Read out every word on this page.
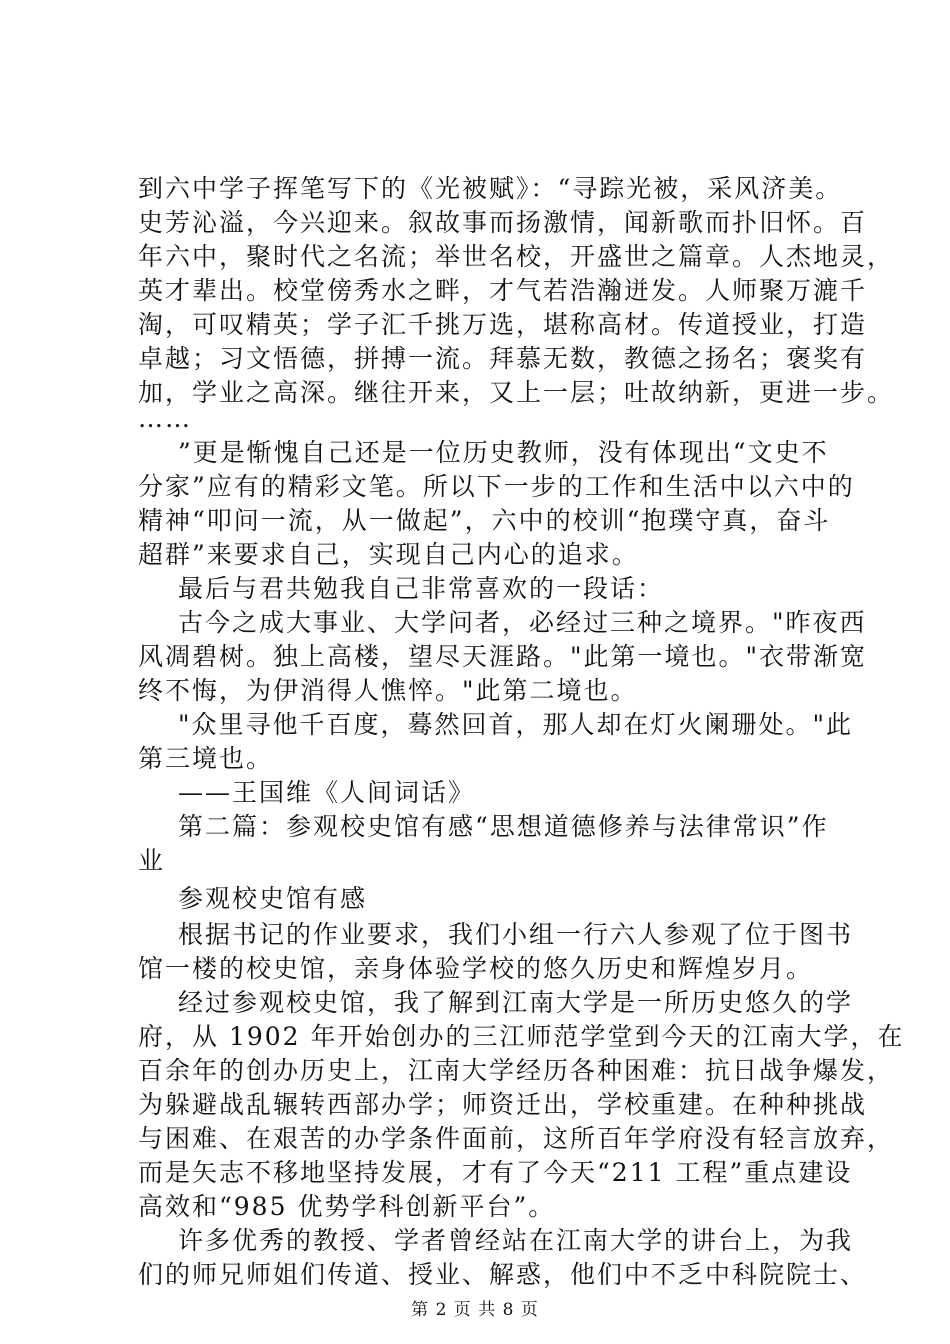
到六中学子挥笔写下的《光被赋》：“寻踪光被，采风济美。
史芳沁溢，今兴迎来。叙故事而扬激情，闻新歌而扑旧怀。百
年六中，聚时代之名流；举世名校，开盛世之篇章。人杰地灵，
英才辈出。校堂傍秀水之畔，才气若浩瀚迸发。人师聚万漉千
淘，可叹精英；学子汇千挑万选，堪称高材。传道授业，打造
卓越；习文悟德，拼搏一流。拜慕无数，教德之扬名；褒奖有
加，学业之高深。继往开来，又上一层；吐故纳新，更进一步。
……
”更是惭愧自己还是一位历史教师，没有体现出“文史不
分家”应有的精彩文笔。所以下一步的工作和生活中以六中的
精神“叩问一流，从一做起”，六中的校训“抱璞守真，奋斗
超群”来要求自己，实现自己内心的追求。
最后与君共勉我自己非常喜欢的一段话：
古今之成大事业、大学问者，必经过三种之境界。"昨夜西
风凋碧树。独上高楼，望尽天涯路。"此第一境也。"衣带渐宽
终不悔，为伊消得人憔悴。"此第二境也。
"众里寻他千百度，蓦然回首，那人却在灯火阑珊处。"此
第三境也。
——王国维《人间词话》
第二篇：参观校史馆有感“思想道德修养与法律常识”作
业
参观校史馆有感
根据书记的作业要求，我们小组一行六人参观了位于图书
馆一楼的校史馆，亲身体验学校的悠久历史和辉煌岁月。
经过参观校史馆，我了解到江南大学是一所历史悠久的学
府，从 1902 年开始创办的三江师范学堂到今天的江南大学，在
百余年的创办历史上，江南大学经历各种困难：抗日战争爆发，
为躲避战乱辗转西部办学；师资迁出，学校重建。在种种挑战
与困难、在艰苦的办学条件面前，这所百年学府没有轻言放弃，
而是矢志不移地坚持发展，才有了今天“211 工程”重点建设
高效和“985 优势学科创新平台”。
许多优秀的教授、学者曾经站在江南大学的讲台上，为我
们的师兄师姐们传道、授业、解惑，他们中不乏中科院院士、
第 2 页 共 8 页
